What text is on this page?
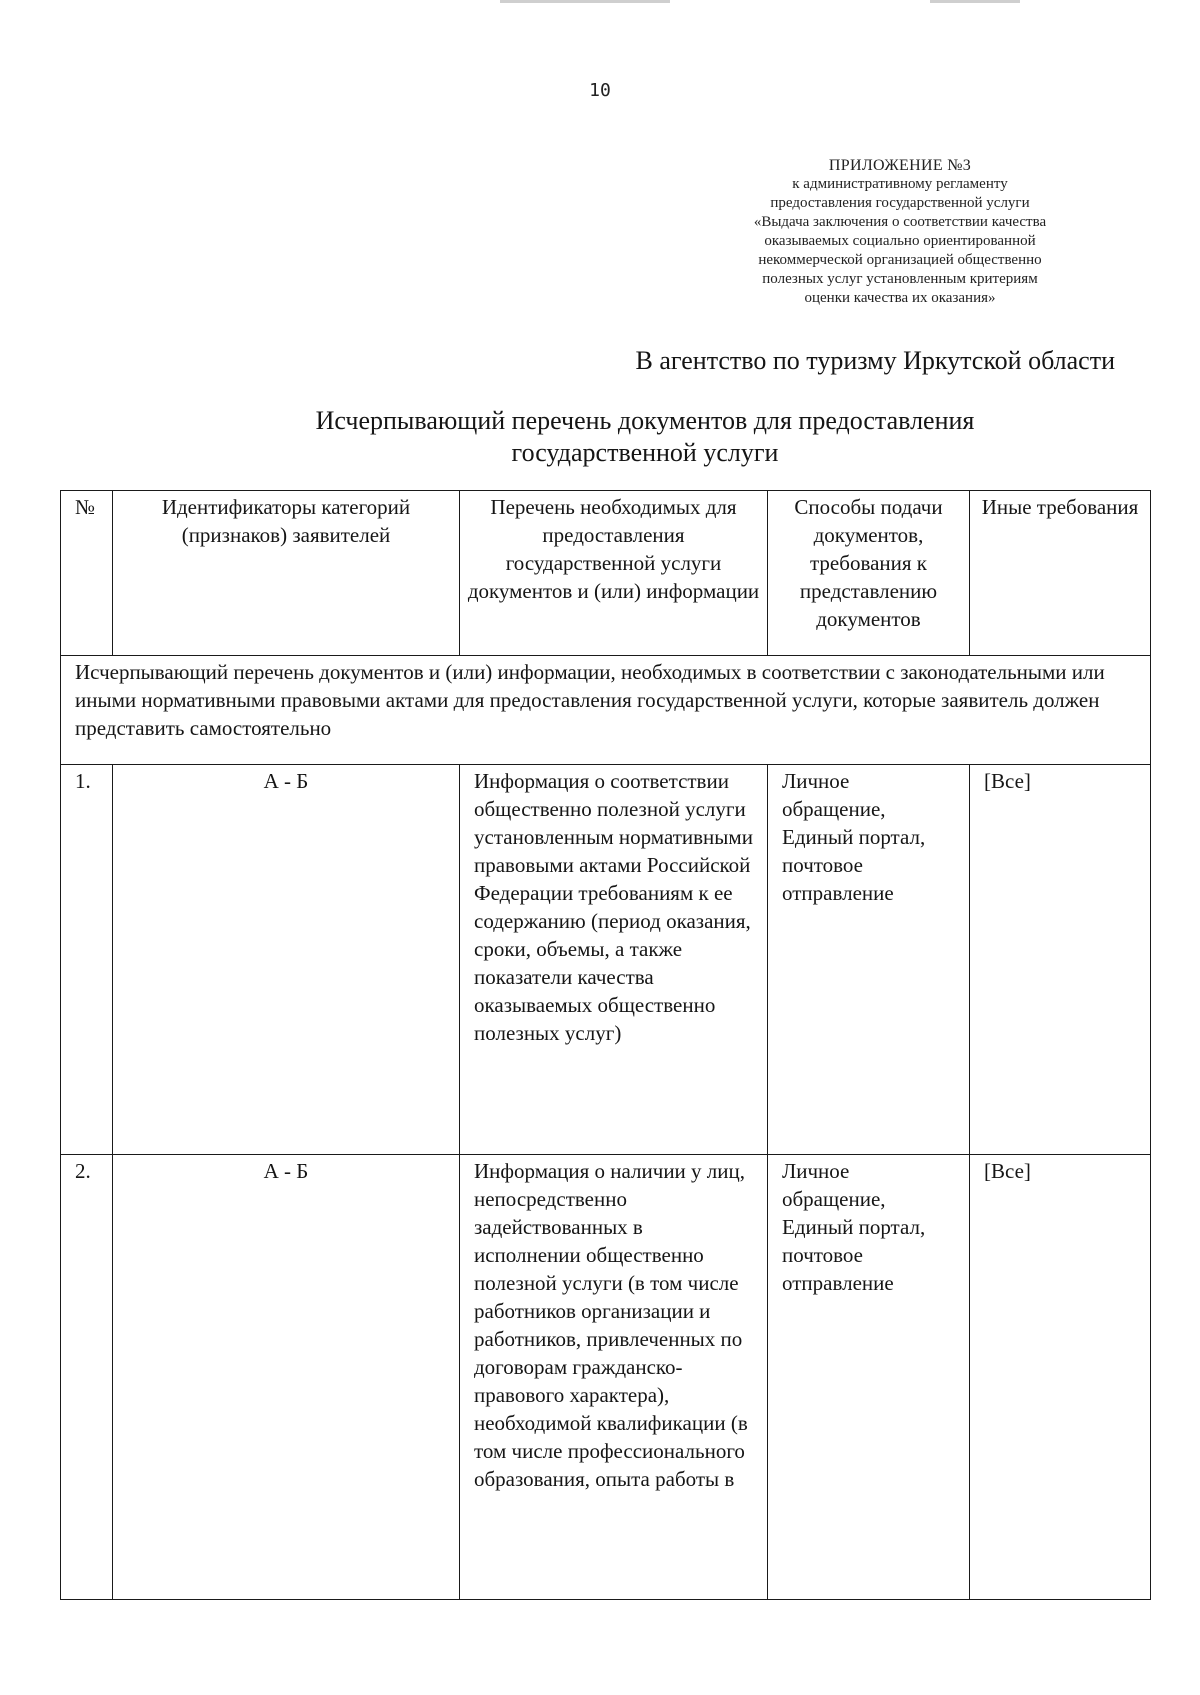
10
ПРИЛОЖЕНИЕ №3
к административному регламенту
предоставления государственной услуги
«Выдача заключения о соответствии качества
оказываемых социально ориентированной
некоммерческой организацией общественно
полезных услуг установленным критериям
оценки качества их оказания»
В агентство по туризму Иркутской области
Исчерпывающий перечень документов для предоставления
государственной услуги
№	Идентификаторы категорий (признаков) заявителей	Перечень необходимых для предоставления государственной услуги документов и (или) информации	Способы подачи документов, требования к представлению документов	Иные требования
Исчерпывающий перечень документов и (или) информации, необходимых в соответствии с законодательными или иными нормативными правовыми актами для предоставления государственной услуги, которые заявитель должен представить самостоятельно				
1.	А - Б	Информация о соответствии общественно полезной услуги установленным нормативными правовыми актами Российской Федерации требованиям к ее содержанию (период оказания, сроки, объемы, а также показатели качества оказываемых общественно полезных услуг)	Личное обращение, Единый портал, почтовое отправление	[Все]
2.	А - Б	Информация о наличии у лиц, непосредственно задействованных в исполнении общественно полезной услуги (в том числе работников организации и работников, привлеченных по договорам гражданско-правового характера), необходимой квалификации (в том числе профессионального образования, опыта работы в	Личное обращение, Единый портал, почтовое отправление	[Все]
